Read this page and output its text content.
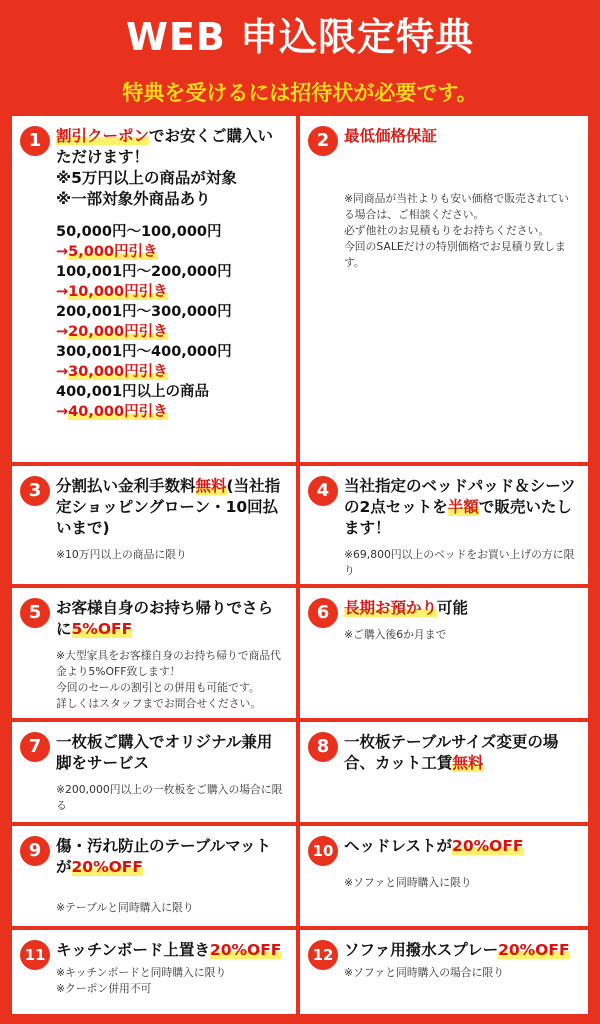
WEB 申込限定特典
特典を受けるには招待状が必要です。
1 割引クーポンでお安くご購入いただけます！
※5万円以上の商品が対象
※一部対象外商品あり
50,000円〜100,000円
→5,000円引き
100,001円〜200,000円
→10,000円引き
200,001円〜300,000円
→20,000円引き
300,001円〜400,000円
→30,000円引き
400,001円以上の商品
→40,000円引き
2 最低価格保証
※同商品が当社よりも安い価格で販売されている場合は、ご相談ください。
必ず他社のお見積もりをお持ちください。
今回のSALEだけの特別価格でお見積り致します。
3 分割払い金利手数料無料(当社指定ショッピングローン・10回払いまで)
※10万円以上の商品に限り
4 当社指定のベッドパッド＆シーツの2点セットを半額で販売いたします！
※69,800円以上のベッドをお買い上げの方に限り
5 お客様自身のお持ち帰りでさらに5%OFF
※大型家具をお客様自身のお持ち帰りで商品代金より5%OFF致します！
今回のセールの割引との併用も可能です。
詳しくはスタッフまでお問合せください。
6 長期お預かり可能
※ご購入後6か月まで
7 一枚板ご購入でオリジナル兼用脚をサービス
※200,000円以上の一枚板をご購入の場合に限る
8 一枚板テーブルサイズ変更の場合、カット工賃無料
9 傷・汚れ防止のテーブルマットが20%OFF
※テーブルと同時購入に限り
10 ヘッドレストが20%OFF
※ソファと同時購入に限り
11 キッチンボード上置き20%OFF
※キッチンボードと同時購入に限り
※クーポン併用不可
12 ソファ用撥水スプレー20%OFF
※ソファと同時購入の場合に限り
